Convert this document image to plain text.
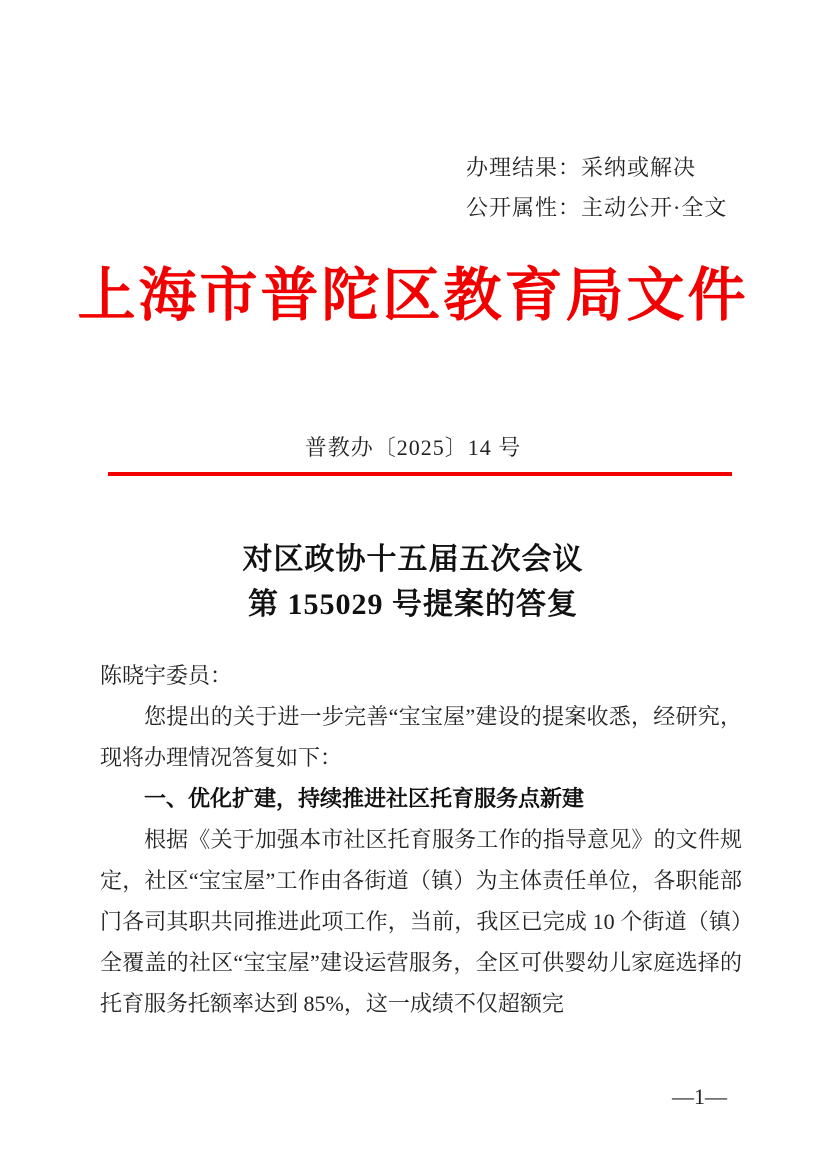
办理结果：采纳或解决
公开属性：主动公开·全文
上海市普陀区教育局文件
普教办〔2025〕14 号
对区政协十五届五次会议
第 155029 号提案的答复

陈晓宇委员：

您提出的关于进一步完善“宝宝屋”建设的提案收悉，经研究，现将办理情况答复如下：

一、优化扩建，持续推进社区托育服务点新建

根据《关于加强本市社区托育服务工作的指导意见》的文件规定，社区“宝宝屋”工作由各街道（镇）为主体责任单位，各职能部门各司其职共同推进此项工作，当前，我区已完成 10 个街道（镇）全覆盖的社区“宝宝屋”建设运营服务，全区可供婴幼儿家庭选择的托育服务托额率达到 85%，这一成绩不仅超额完

—1—
